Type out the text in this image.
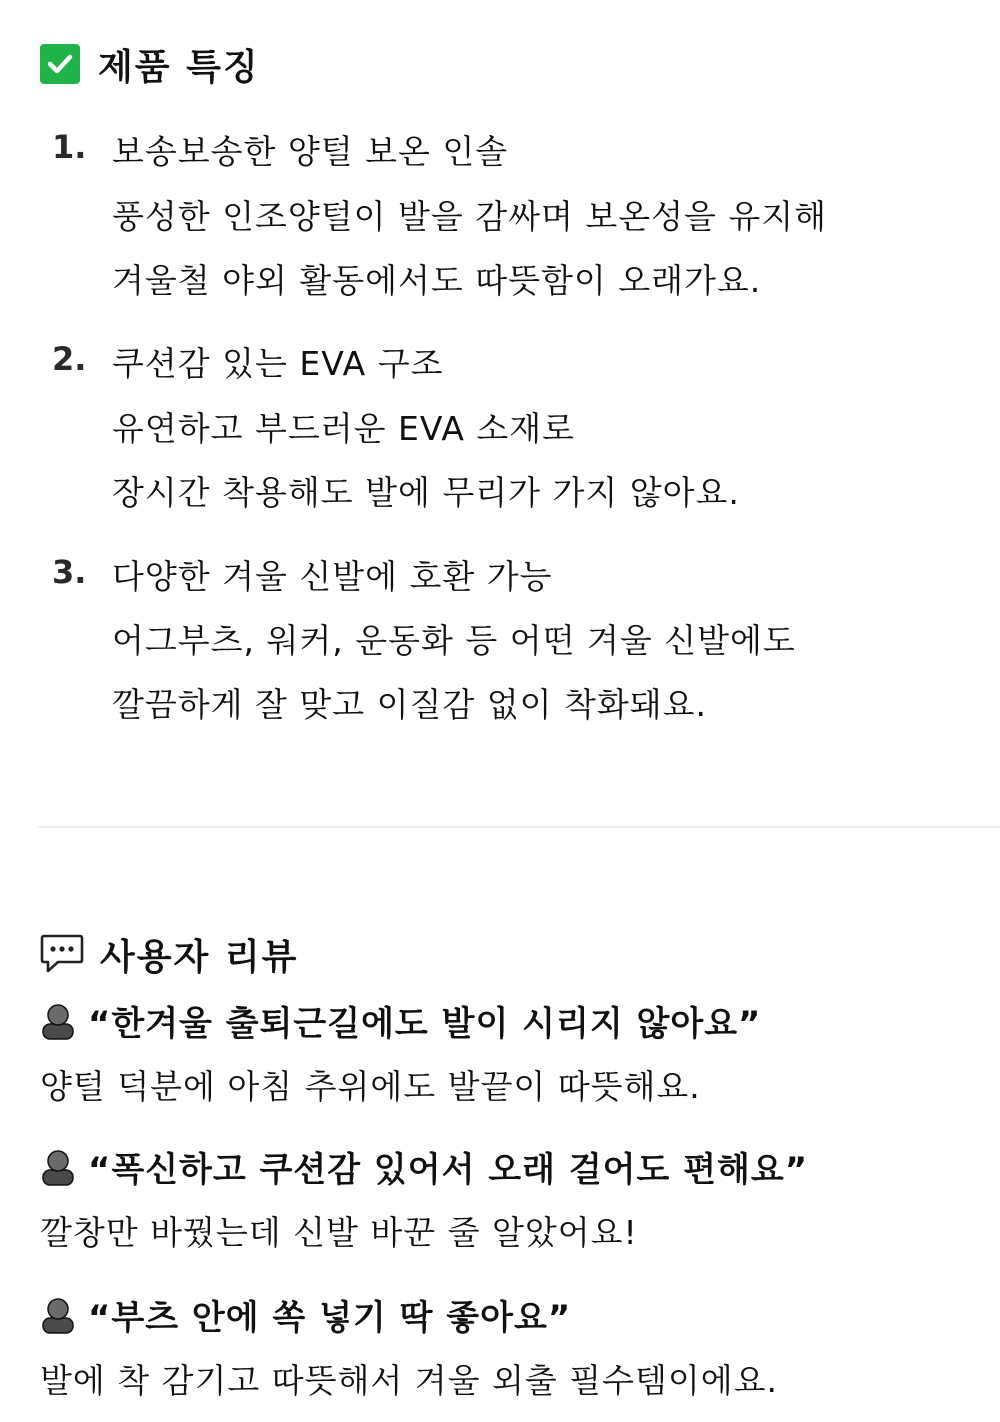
제품 특징
1. 보송보송한 양털 보온 인솔
풍성한 인조양털이 발을 감싸며 보온성을 유지해
겨울철 야외 활동에서도 따뜻함이 오래가요.
2. 쿠션감 있는 EVA 구조
유연하고 부드러운 EVA 소재로
장시간 착용해도 발에 무리가 가지 않아요.
3. 다양한 겨울 신발에 호환 가능
어그부츠, 워커, 운동화 등 어떤 겨울 신발에도
깔끔하게 잘 맞고 이질감 없이 착화돼요.
사용자 리뷰
“한겨울 출퇴근길에도 발이 시리지 않아요”
양털 덕분에 아침 추위에도 발끝이 따뜻해요.
“폭신하고 쿠션감 있어서 오래 걸어도 편해요”
깔창만 바꿨는데 신발 바꾼 줄 알았어요!
“부츠 안에 쏙 넣기 딱 좋아요”
발에 착 감기고 따뜻해서 겨울 외출 필수템이에요.
